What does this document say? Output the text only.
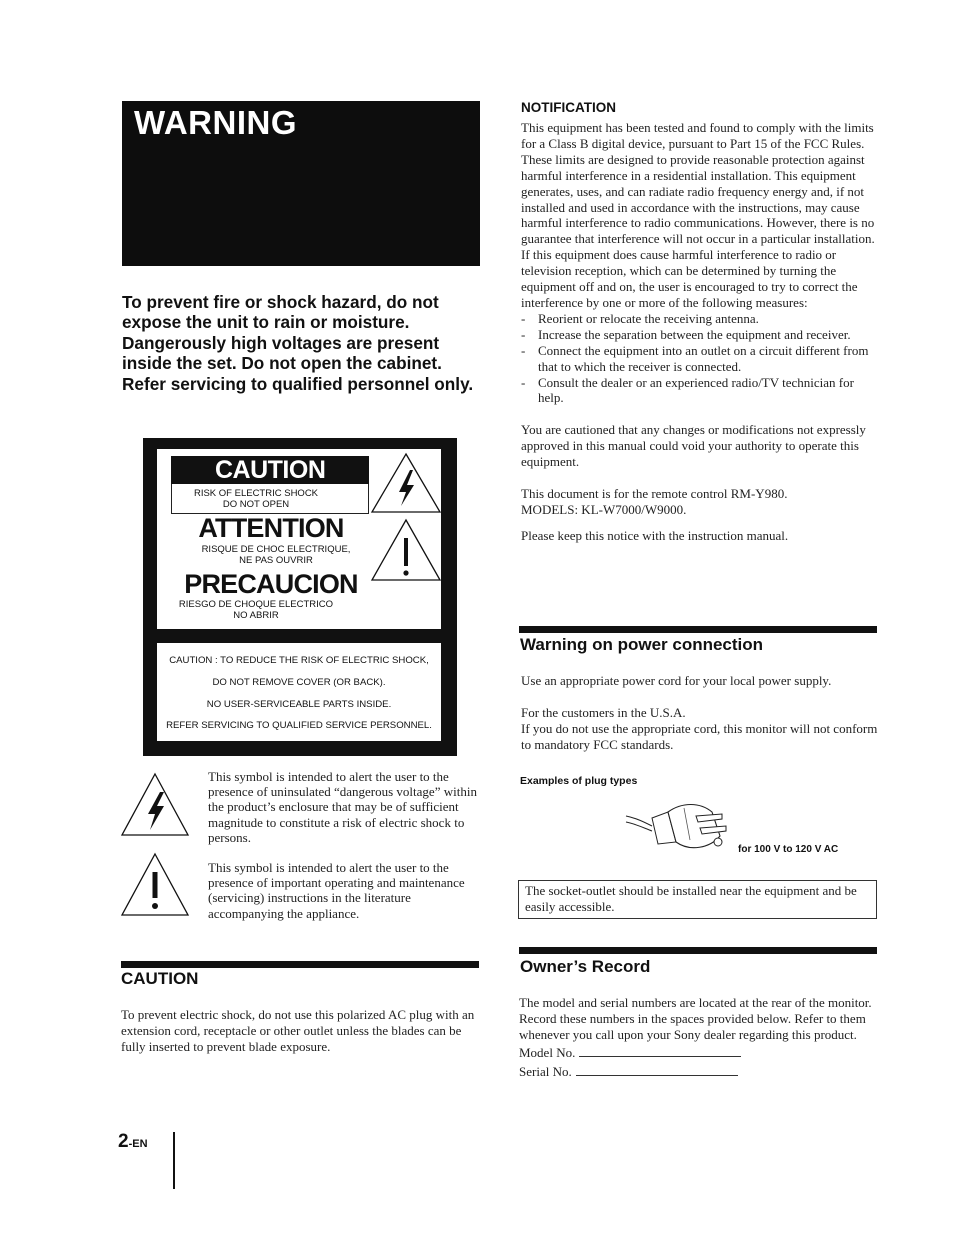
WARNING

To prevent fire or shock hazard, do not expose the unit to rain or moisture. Dangerously high voltages are present inside the set. Do not open the cabinet. Refer servicing to qualified personnel only.

CAUTION
RISK OF ELECTRIC SHOCK
DO NOT OPEN
ATTENTION
RISQUE DE CHOC ELECTRIQUE,
NE PAS OUVRIR
PRECAUCION
RIESGO DE CHOQUE ELECTRICO
NO ABRIR
CAUTION : TO REDUCE THE RISK OF ELECTRIC SHOCK,
DO NOT REMOVE COVER (OR BACK).
NO USER-SERVICEABLE PARTS INSIDE.
REFER SERVICING TO QUALIFIED SERVICE PERSONNEL.
This symbol is intended to alert the user to the presence of uninsulated “dangerous voltage” within the product’s enclosure that may be of sufficient magnitude to constitute a risk of electric shock to persons.
This symbol is intended to alert the user to the presence of important operating and maintenance (servicing) instructions in the literature accompanying the appliance.
CAUTION
To prevent electric shock, do not use this polarized AC plug with an extension cord, receptacle or other outlet unless the blades can be fully inserted to prevent blade exposure.
2-EN
NOTIFICATION

This equipment has been tested and found to comply with the limits for a Class B digital device, pursuant to Part 15 of the FCC Rules. These limits are designed to provide reasonable protection against harmful interference in a residential installation. This equipment generates, uses, and can radiate radio frequency energy and, if not installed and used in accordance with the instructions, may cause harmful interference to radio communications. However, there is no guarantee that interference will not occur in a particular installation. If this equipment does cause harmful interference to radio or television reception, which can be determined by turning the equipment off and on, the user is encouraged to try to correct the interference by one or more of the following measures:

- Reorient or relocate the receiving antenna.
- Increase the separation between the equipment and receiver.
- Connect the equipment into an outlet on a circuit different from that to which the receiver is connected.
- Consult the dealer or an experienced radio/TV technician for help.

You are cautioned that any changes or modifications not expressly approved in this manual could void your authority to operate this equipment.

This document is for the remote control RM-Y980.

MODELS: KL-W7000/W9000.

Please keep this notice with the instruction manual.

Warning on power connection

Use an appropriate power cord for your local power supply.

For the customers in the U.S.A.

If you do not use the appropriate cord, this monitor will not conform to mandatory FCC standards.

Examples of plug types
for 100 V to 120 V AC
The socket-outlet should be installed near the equipment and be easily accessible.
Owner’s Record

The model and serial numbers are located at the rear of the monitor. Record these numbers in the spaces provided below. Refer to them whenever you call upon your Sony dealer regarding this product.

Model No.

Serial No.
